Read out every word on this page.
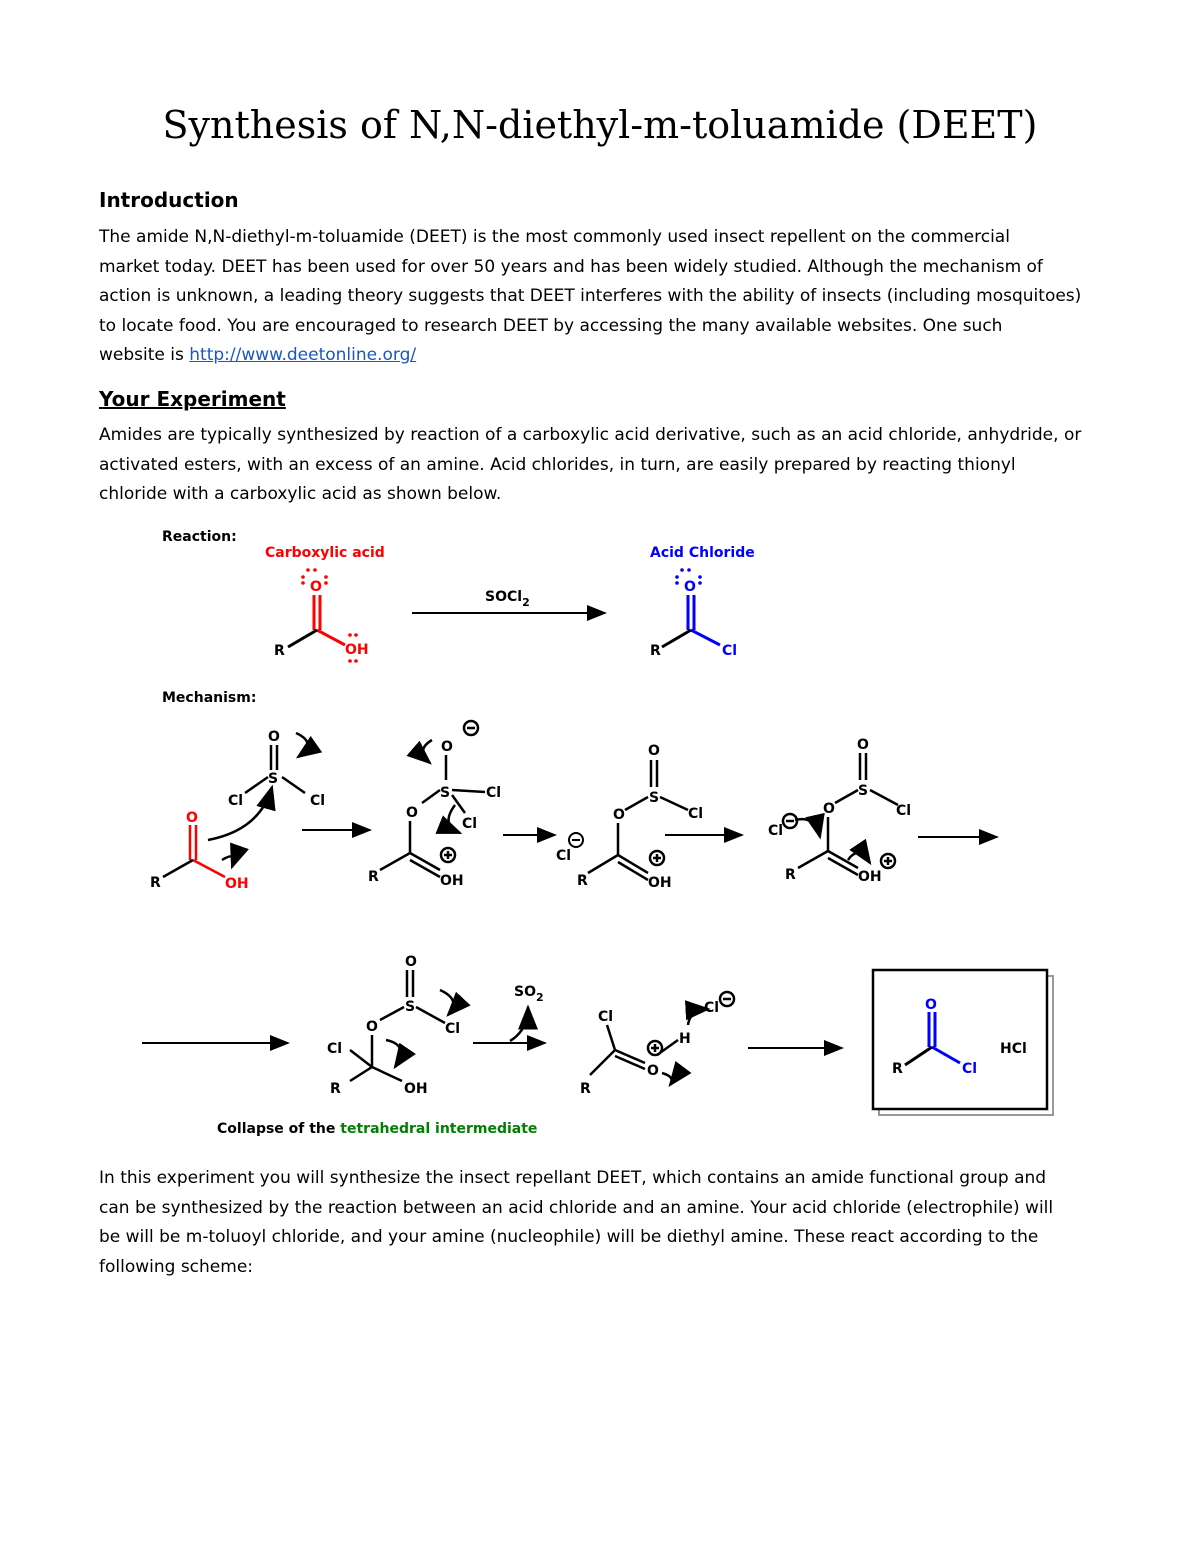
Synthesis of N,N-diethyl-m-toluamide (DEET)
Introduction
The amide N,N-diethyl-m-toluamide (DEET) is the most commonly used insect repellent on the commercial
market today. DEET has been used for over 50 years and has been widely studied. Although the mechanism of
action is unknown, a leading theory suggests that DEET interferes with the ability of insects (including mosquitoes)
to locate food. You are encouraged to research DEET by accessing the many available websites. One such
website is http://www.deetonline.org/
Your Experiment
Amides are typically synthesized by reaction of a carboxylic acid derivative, such as an acid chloride, anhydride, or
activated esters, with an excess of an amine. Acid chlorides, in turn, are easily prepared by reacting thionyl
chloride with a carboxylic acid as shown below.
Reaction:
Carboxylic acid	Acid Chloride
O
OH
R
SOCl$_2$
O
Cl
R
Mechanism:
O
S
Cl	Cl
O
OH
R
O
S	Cl
Cl
O
OH
R
Cl
O
S
Cl
O
OH
R
O
S
Cl
Cl
O
OH
R
O
S
Cl
O
Cl
R	OH
$SO_2$
Cl
R
O
H
Cl	O
Cl
R
HCl
Collapse of the tetrahedral intermediate
In this experiment you will synthesize the insect repellant DEET, which contains an amide functional group and
can be synthesized by the reaction between an acid chloride and an amine. Your acid chloride (electrophile) will
be will be m-toluoyl chloride, and your amine (nucleophile) will be diethyl amine. These react according to the
following scheme:
